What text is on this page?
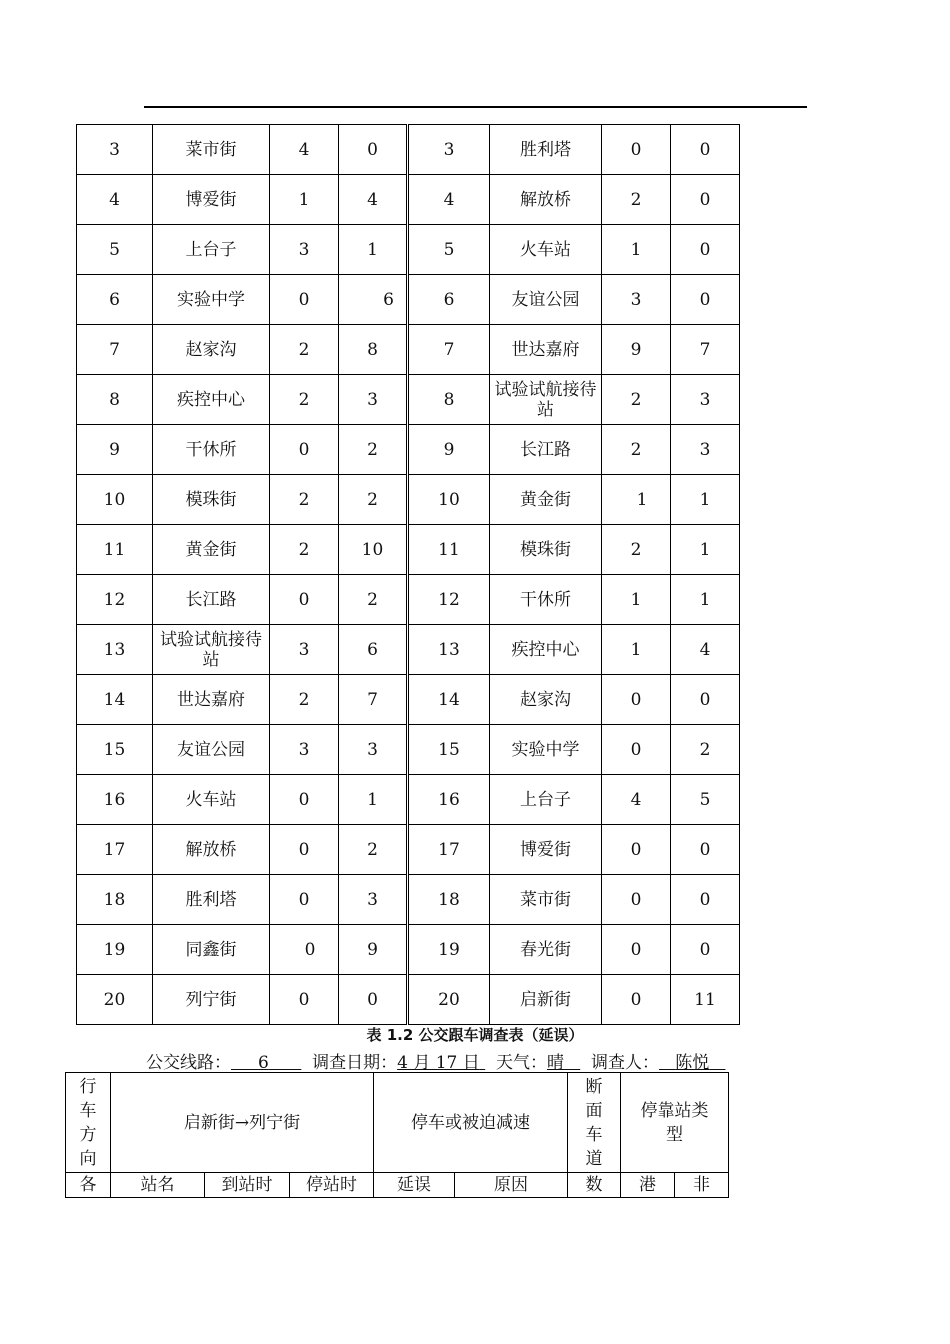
3	菜市街	4	0	3	胜利塔	0	0
4	博爱街	1	4	4	解放桥	2	0
5	上台子	3	1	5	火车站	1	0
6	实验中学	0	6	6	友谊公园	3	0
7	赵家沟	2	8	7	世达嘉府	9	7
8	疾控中心	2	3	8	试验试航接待站	2	3
9	干休所	0	2	9	长江路	2	3
10	模珠街	2	2	10	黄金街	1	1
11	黄金街	2	10	11	模珠街	2	1
12	长江路	0	2	12	干休所	1	1
13	试验试航接待站	3	6	13	疾控中心	1	4
14	世达嘉府	2	7	14	赵家沟	0	0
15	友谊公园	3	3	15	实验中学	0	2
16	火车站	0	1	16	上台子	4	5
17	解放桥	0	2	17	博爱街	0	0
18	胜利塔	0	3	18	菜市街	0	0
19	同鑫街	0	9	19	春光街	0	0
20	列宁街	0	0	20	启新街	0	11
表 1.2 公交跟车调查表（延误）
公交线路： 6	调查日期：4 月 17 日 天气：晴 调查人： 陈悦
行
车
方
向	启新街→列宁街			停车或被迫减速		断
面
车
道	停靠站类型	

各	站名	到站时	停站时	延误	原因	数	港	非
